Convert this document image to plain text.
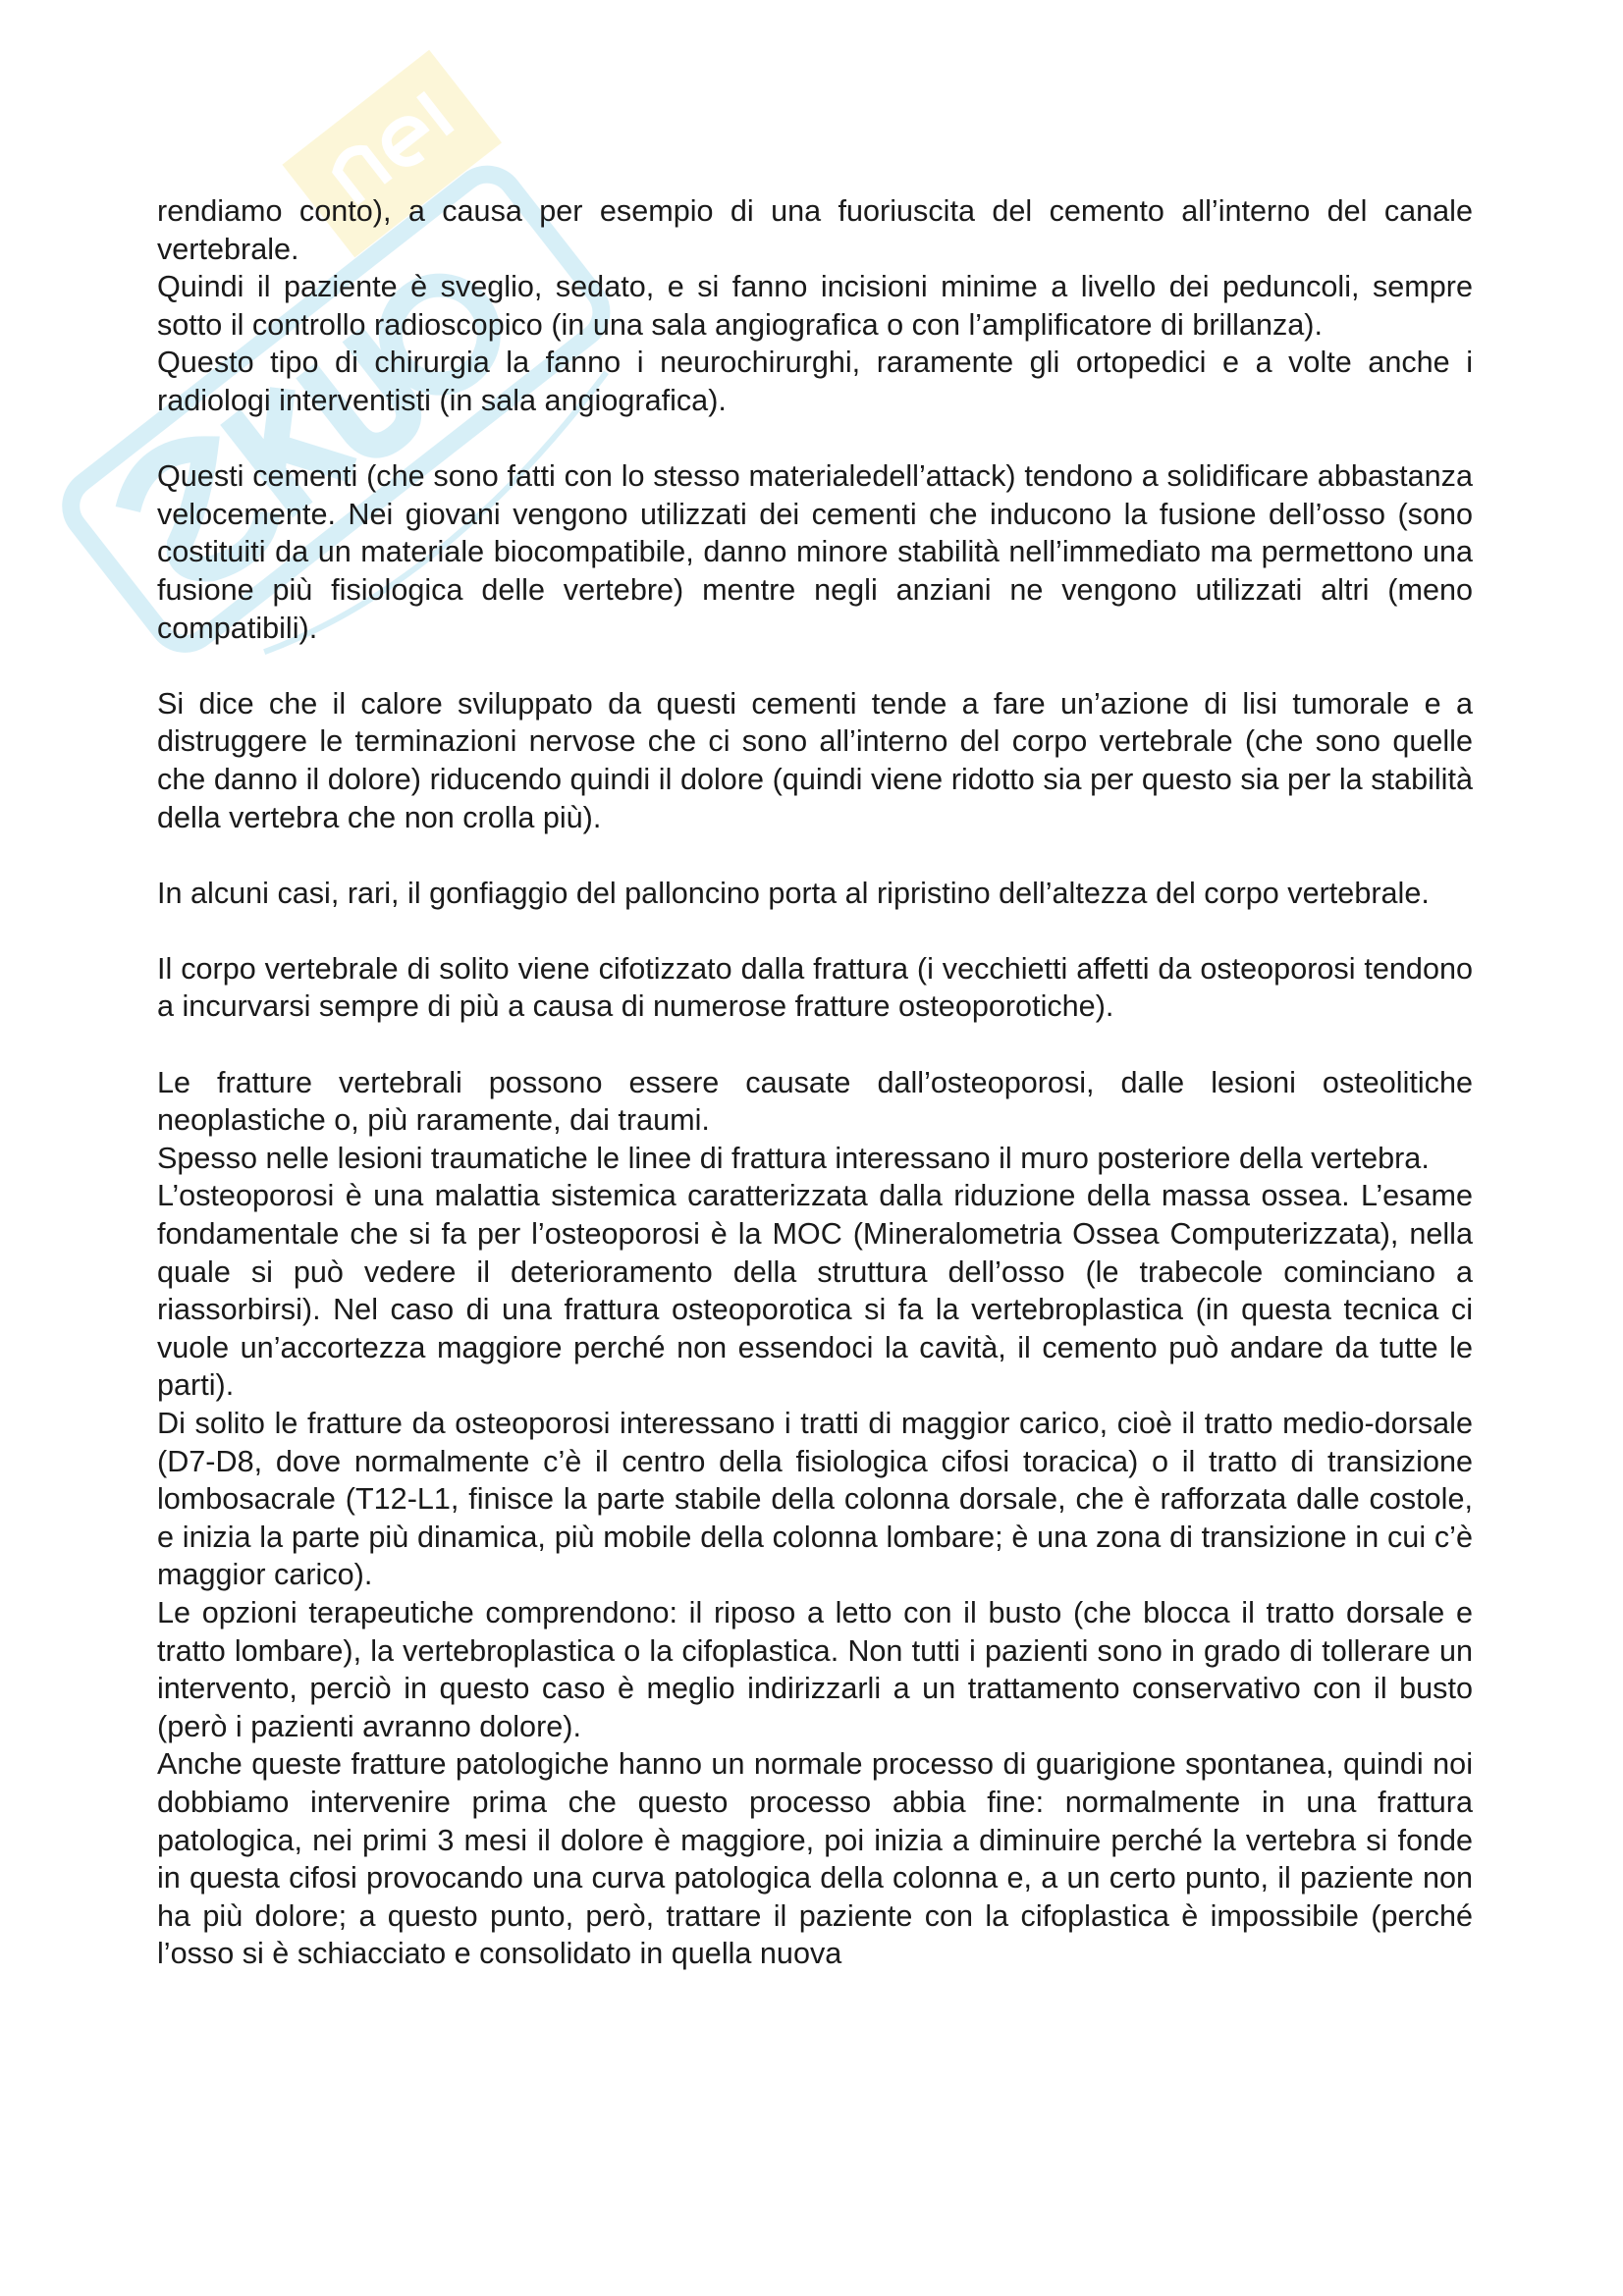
rendiamo conto), a causa per esempio di una fuoriuscita del cemento all’interno del canale vertebrale.

Quindi il paziente è sveglio, sedato, e si fanno incisioni minime a livello dei peduncoli, sempre sotto il controllo radioscopico (in una sala angiografica o con l’amplificatore di brillanza).

Questo tipo di chirurgia la fanno i neurochirurghi, raramente gli ortopedici e a volte anche i radiologi interventisti (in sala angiografica).

Questi cementi (che sono fatti con lo stesso materialedell’attack) tendono a solidificare abbastanza velocemente. Nei giovani vengono utilizzati dei cementi che inducono la fusione dell’osso (sono costituiti da un materiale biocompatibile, danno minore stabilità nell’immediato ma permettono una fusione più fisiologica delle vertebre) mentre negli anziani ne vengono utilizzati altri (meno compatibili).

Si dice che il calore sviluppato da questi cementi tende a fare un’azione di lisi tumorale e a distruggere le terminazioni nervose che ci sono all’interno del corpo vertebrale (che sono quelle che danno il dolore) riducendo quindi il dolore (quindi viene ridotto sia per questo sia per la stabilità della vertebra che non crolla più).

In alcuni casi, rari, il gonfiaggio del palloncino porta al ripristino dell’altezza del corpo vertebrale.

Il corpo vertebrale di solito viene cifotizzato dalla frattura (i vecchietti affetti da osteoporosi tendono a incurvarsi sempre di più a causa di numerose fratture osteoporotiche).

Le fratture vertebrali possono essere causate dall’osteoporosi, dalle lesioni osteolitiche neoplastiche o, più raramente, dai traumi.

Spesso nelle lesioni traumatiche le linee di frattura interessano il muro posteriore della vertebra.

L’osteoporosi è una malattia sistemica caratterizzata dalla riduzione della massa ossea. L’esame fondamentale che si fa per l’osteoporosi è la MOC (Mineralometria Ossea Computerizzata), nella quale si può vedere il deterioramento della struttura dell’osso (le trabecole cominciano a riassorbirsi). Nel caso di una frattura osteoporotica si fa la vertebroplastica (in questa tecnica ci vuole un’accortezza maggiore perché non essendoci la cavità, il cemento può andare da tutte le parti).

Di solito le fratture da osteoporosi interessano i tratti di maggior carico, cioè il tratto medio-dorsale (D7-D8, dove normalmente c’è il centro della fisiologica cifosi toracica) o il tratto di transizione lombosacrale (T12-L1, finisce la parte stabile della colonna dorsale, che è rafforzata dalle costole, e inizia la parte più dinamica, più mobile della colonna lombare; è una zona di transizione in cui c’è maggior carico).

Le opzioni terapeutiche comprendono: il riposo a letto con il busto (che blocca il tratto dorsale e tratto lombare), la vertebroplastica o la cifoplastica. Non tutti i pazienti sono in grado di tollerare un intervento, perciò in questo caso è meglio indirizzarli a un trattamento conservativo con il busto (però i pazienti avranno dolore).

Anche queste fratture patologiche hanno un normale processo di guarigione spontanea, quindi noi dobbiamo intervenire prima che questo processo abbia fine: normalmente in una frattura patologica, nei primi 3 mesi il dolore è maggiore, poi inizia a diminuire perché la vertebra si fonde in questa cifosi provocando una curva patologica della colonna e, a un certo punto, il paziente non ha più dolore; a questo punto, però, trattare il paziente con la cifoplastica è impossibile (perché l’osso si è schiacciato e consolidato in quella nuova
